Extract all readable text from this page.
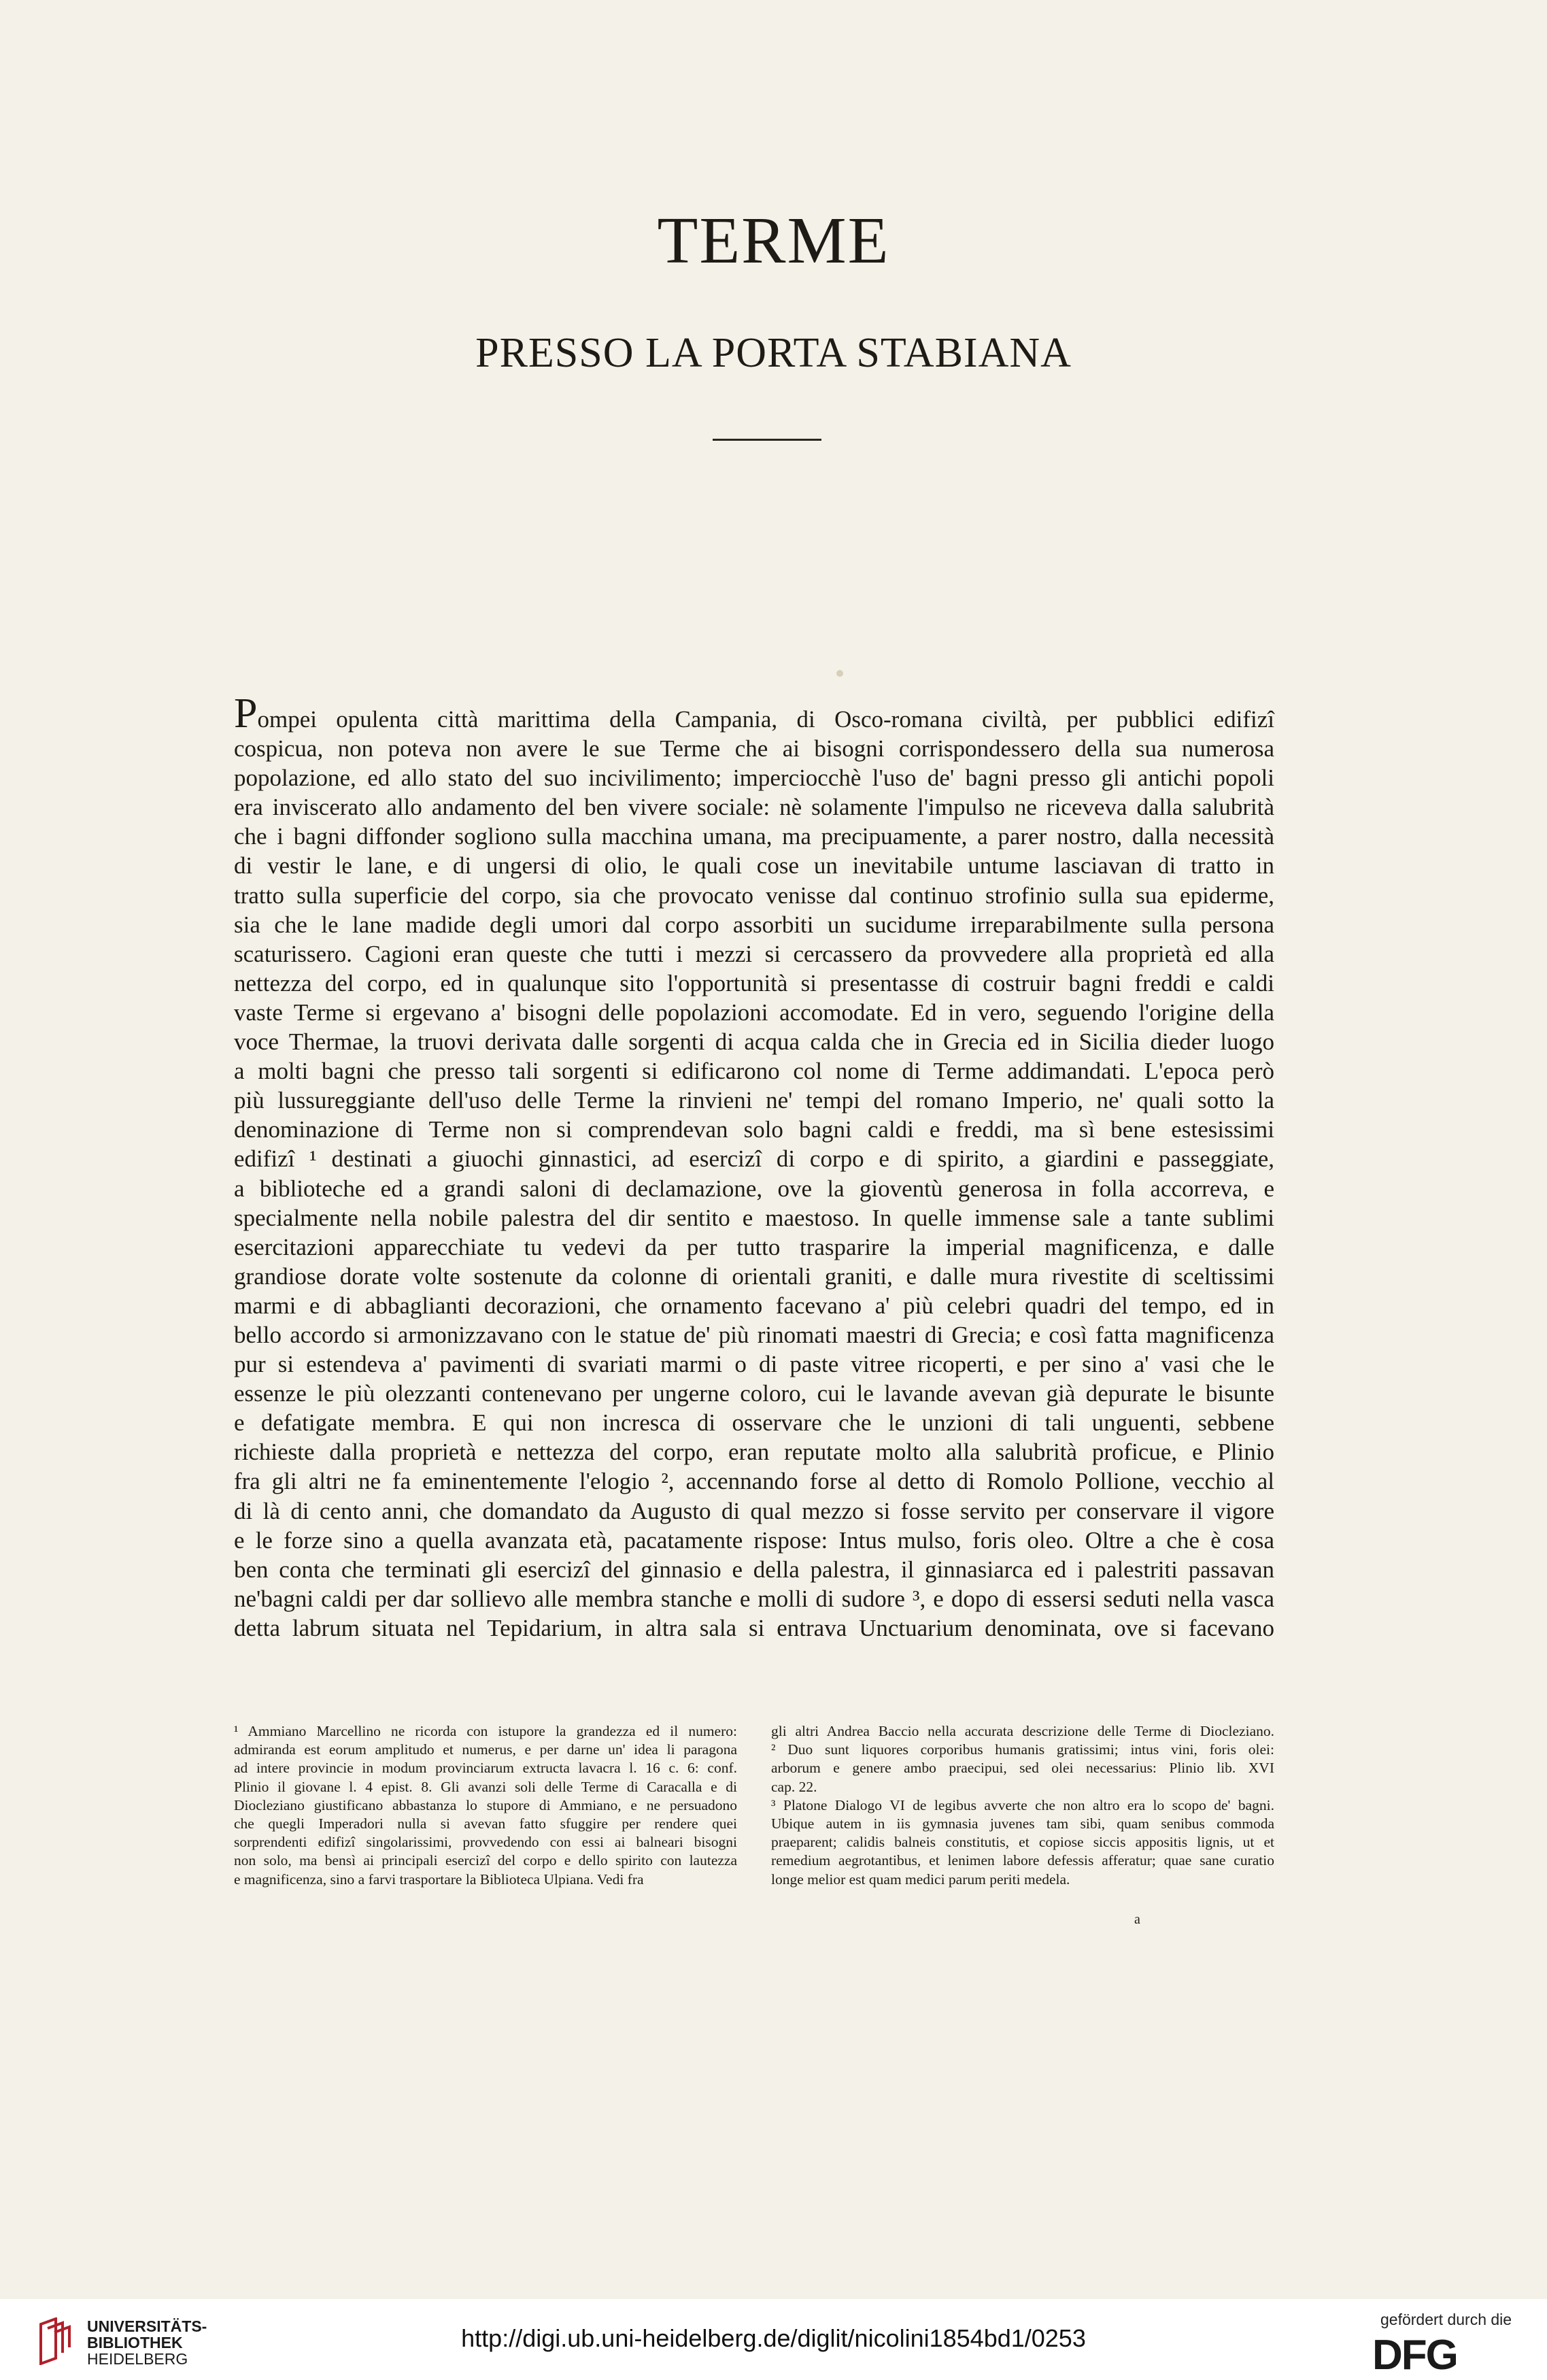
TERME
PRESSO LA PORTA STABIANA
Pompei opulenta città marittima della Campania, di Osco-romana civiltà, per pubblici edifizî
cospicua, non poteva non avere le sue Terme che ai bisogni corrispondessero della sua numerosa
popolazione, ed allo stato del suo incivilimento; imperciocchè l'uso de' bagni presso gli antichi popoli
era inviscerato allo andamento del ben vivere sociale: nè solamente l'impulso ne riceveva dalla salubrità
che i bagni diffonder sogliono sulla macchina umana, ma precipuamente, a parer nostro, dalla necessità
di vestir le lane, e di ungersi di olio, le quali cose un inevitabile untume lasciavan di tratto in
tratto sulla superficie del corpo, sia che provocato venisse dal continuo strofinio sulla sua epiderme,
sia che le lane madide degli umori dal corpo assorbiti un sucidume irreparabilmente sulla persona
scaturissero. Cagioni eran queste che tutti i mezzi si cercassero da provvedere alla proprietà ed alla
nettezza del corpo, ed in qualunque sito l'opportunità si presentasse di costruir bagni freddi e caldi
vaste Terme si ergevano a' bisogni delle popolazioni accomodate. Ed in vero, seguendo l'origine della
voce Thermae, la truovi derivata dalle sorgenti di acqua calda che in Grecia ed in Sicilia dieder luogo
a molti bagni che presso tali sorgenti si edificarono col nome di Terme addimandati. L'epoca però
più lussureggiante dell'uso delle Terme la rinvieni ne' tempi del romano Imperio, ne' quali sotto la
denominazione di Terme non si comprendevan solo bagni caldi e freddi, ma sì bene estesissimi
edifizî ¹ destinati a giuochi ginnastici, ad esercizî di corpo e di spirito, a giardini e passeggiate,
a biblioteche ed a grandi saloni di declamazione, ove la gioventù generosa in folla accorreva, e
specialmente nella nobile palestra del dir sentito e maestoso. In quelle immense sale a tante sublimi
esercitazioni apparecchiate tu vedevi da per tutto trasparire la imperial magnificenza, e dalle
grandiose dorate volte sostenute da colonne di orientali graniti, e dalle mura rivestite di sceltissimi
marmi e di abbaglianti decorazioni, che ornamento facevano a' più celebri quadri del tempo, ed in
bello accordo si armonizzavano con le statue de' più rinomati maestri di Grecia; e così fatta magnificenza
pur si estendeva a' pavimenti di svariati marmi o di paste vitree ricoperti, e per sino a' vasi che le
essenze le più olezzanti contenevano per ungerne coloro, cui le lavande avevan già depurate le bisunte
e defatigate membra. E qui non incresca di osservare che le unzioni di tali unguenti, sebbene
richieste dalla proprietà e nettezza del corpo, eran reputate molto alla salubrità proficue, e Plinio
fra gli altri ne fa eminentemente l'elogio ², accennando forse al detto di Romolo Pollione, vecchio al
di là di cento anni, che domandato da Augusto di qual mezzo si fosse servito per conservare il vigore
e le forze sino a quella avanzata età, pacatamente rispose: Intus mulso, foris oleo. Oltre a che è cosa
ben conta che terminati gli esercizî del ginnasio e della palestra, il ginnasiarca ed i palestriti passavan
ne'bagni caldi per dar sollievo alle membra stanche e molli di sudore ³, e dopo di essersi seduti nella vasca
detta labrum situata nel Tepidarium, in altra sala si entrava Unctuarium denominata, ove si facevano
¹ Ammiano Marcellino ne ricorda con istupore la grandezza ed il numero:
admiranda est eorum amplitudo et numerus, e per darne un' idea li paragona
ad intere provincie in modum provinciarum extructa lavacra l. 16 c. 6: conf.
Plinio il giovane l. 4 epist. 8. Gli avanzi soli delle Terme di Caracalla e di
Diocleziano giustificano abbastanza lo stupore di Ammiano, e ne persuadono
che quegli Imperadori nulla si avevan fatto sfuggire per rendere quei
sorprendenti edifizî singolarissimi, provvedendo con essi ai balneari bisogni
non solo, ma bensì ai principali esercizî del corpo e dello spirito con lautezza
e magnificenza, sino a farvi trasportare la Biblioteca Ulpiana. Vedi fra
gli altri Andrea Baccio nella accurata descrizione delle Terme di Diocleziano.
² Duo sunt liquores corporibus humanis gratissimi; intus vini, foris olei:
arborum e genere ambo praecipui, sed olei necessarius: Plinio lib. XVI
cap. 22.
³ Platone Dialogo VI de legibus avverte che non altro era lo scopo de' bagni.
Ubique autem in iis gymnasia juvenes tam sibi, quam senibus commoda
praeparent; calidis balneis constitutis, et copiose siccis appositis lignis, ut et
remedium aegrotantibus, et lenimen labore defessis afferatur; quae sane curatio
longe melior est quam medici parum periti medela.
a
UNIVERSITÄTS-
BIBLIOTHEK
HEIDELBERG
http://digi.ub.uni-heidelberg.de/diglit/nicolini1854bd1/0253
gefördert durch die
DFG
